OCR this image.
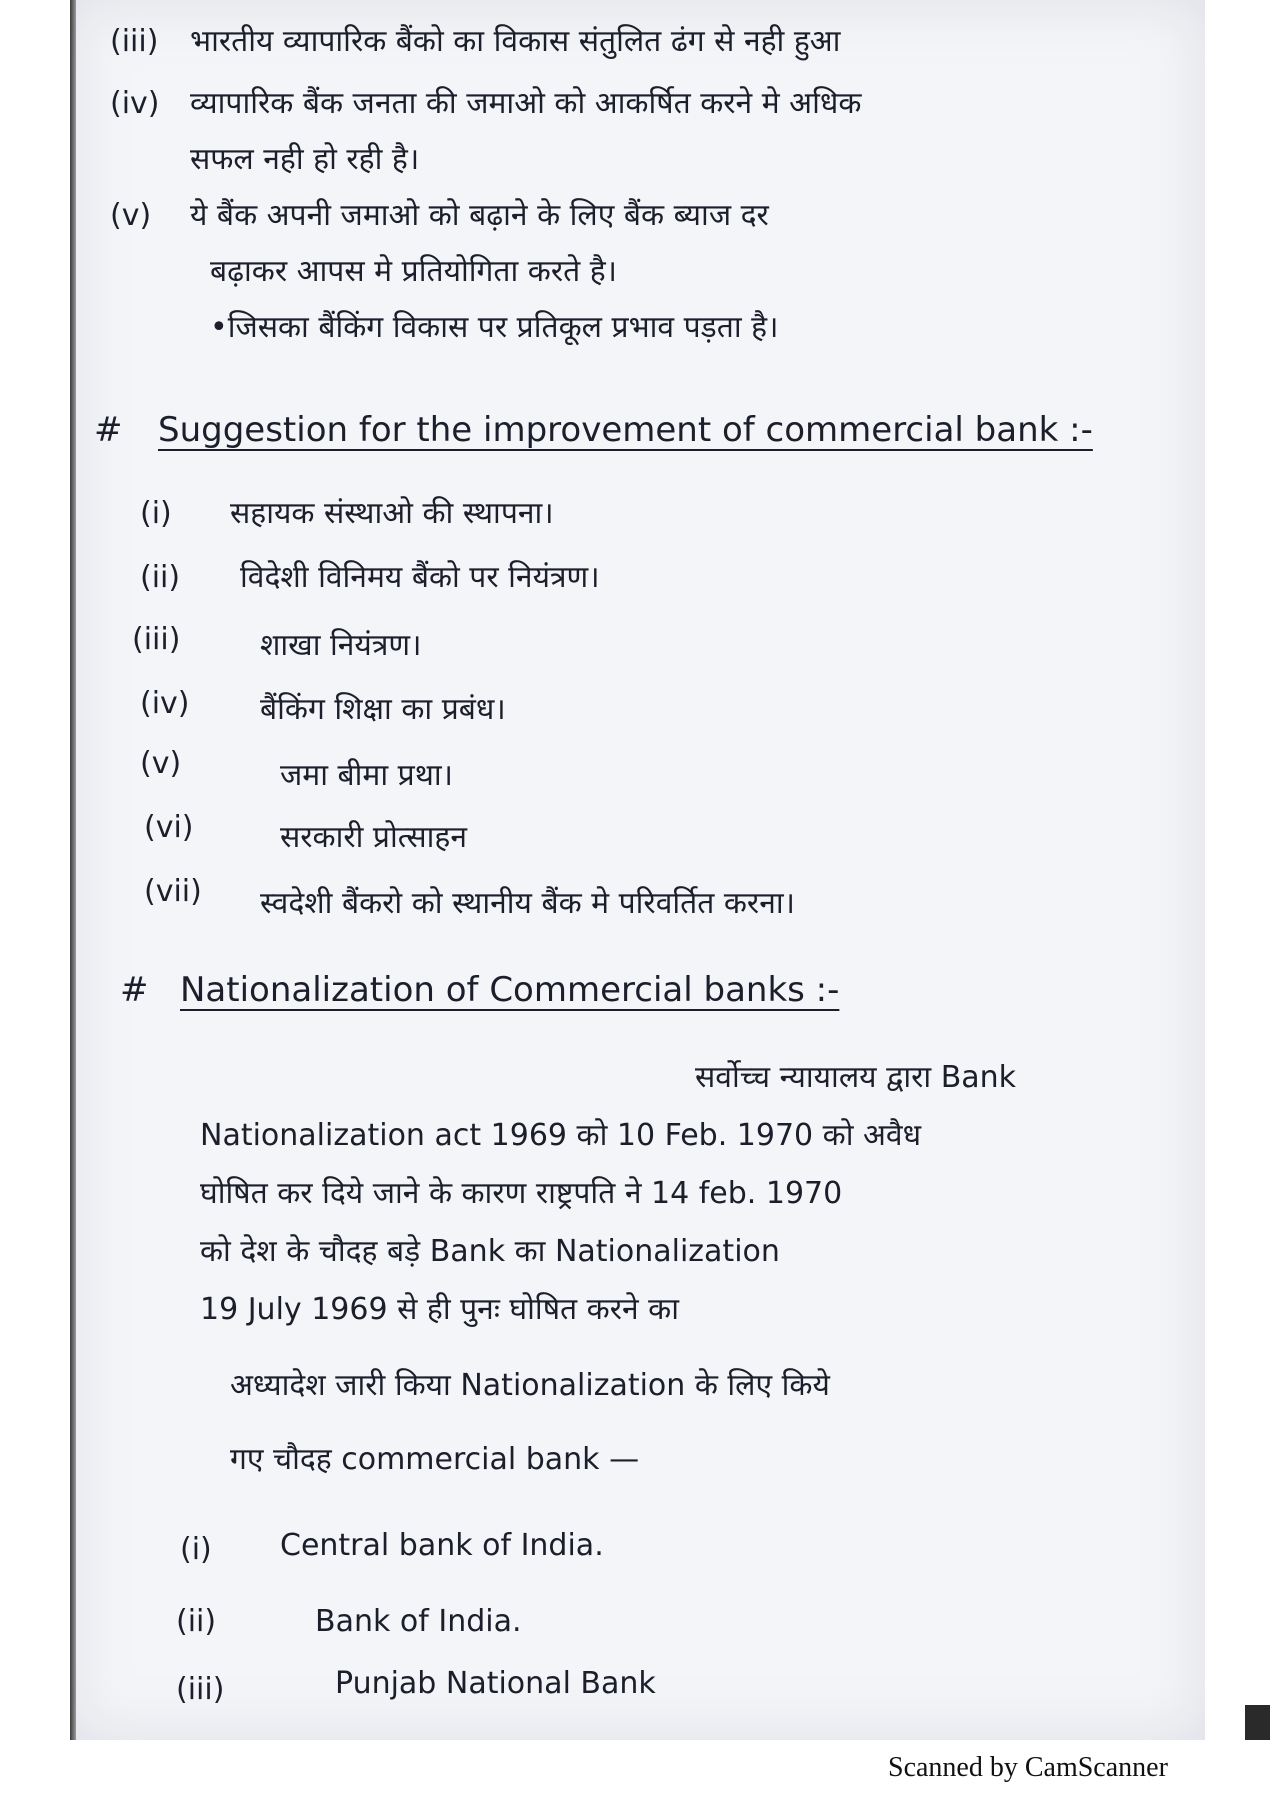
(iii)	भारतीय व्यापारिक बैंको का विकास संतुलित ढंग से नही हुआ
(iv)	व्यापारिक बैंक जनता की जमाओ को आकर्षित करने मे अधिक
सफल नही हो रही है।
(v)	ये बैंक अपनी जमाओ को बढ़ाने के लिए बैंक ब्याज दर
बढ़ाकर आपस मे प्रतियोगिता करते है।
•जिसका बैंकिंग विकास पर प्रतिकूल प्रभाव पड़ता है।
# Suggestion for the improvement of commercial bank :-
(i)	सहायक संस्थाओ की स्थापना।
(ii)	विदेशी विनिमय बैंको पर नियंत्रण।
(iii)	शाखा नियंत्रण।
(iv)	बैंकिंग शिक्षा का प्रबंध।
(v)	जमा बीमा प्रथा।
(vi)	सरकारी प्रोत्साहन
(vii)	स्वदेशी बैंकरो को स्थानीय बैंक मे परिवर्तित करना।
# Nationalization of Commercial banks :-
सर्वोच्च न्यायालय द्वारा Bank
Nationalization act 1969 को 10 Feb. 1970 को अवैध
घोषित कर दिये जाने के कारण राष्ट्रपति ने 14 feb. 1970
को देश के चौदह बड़े Bank का Nationalization
19 July 1969 से ही पुनः घोषित करने का
अध्यादेश जारी किया Nationalization के लिए किये
गए चौदह commercial bank —
(i)	Central bank of India.
(ii)	Bank of India.
(iii)	Punjab National Bank
Scanned by CamScanner
